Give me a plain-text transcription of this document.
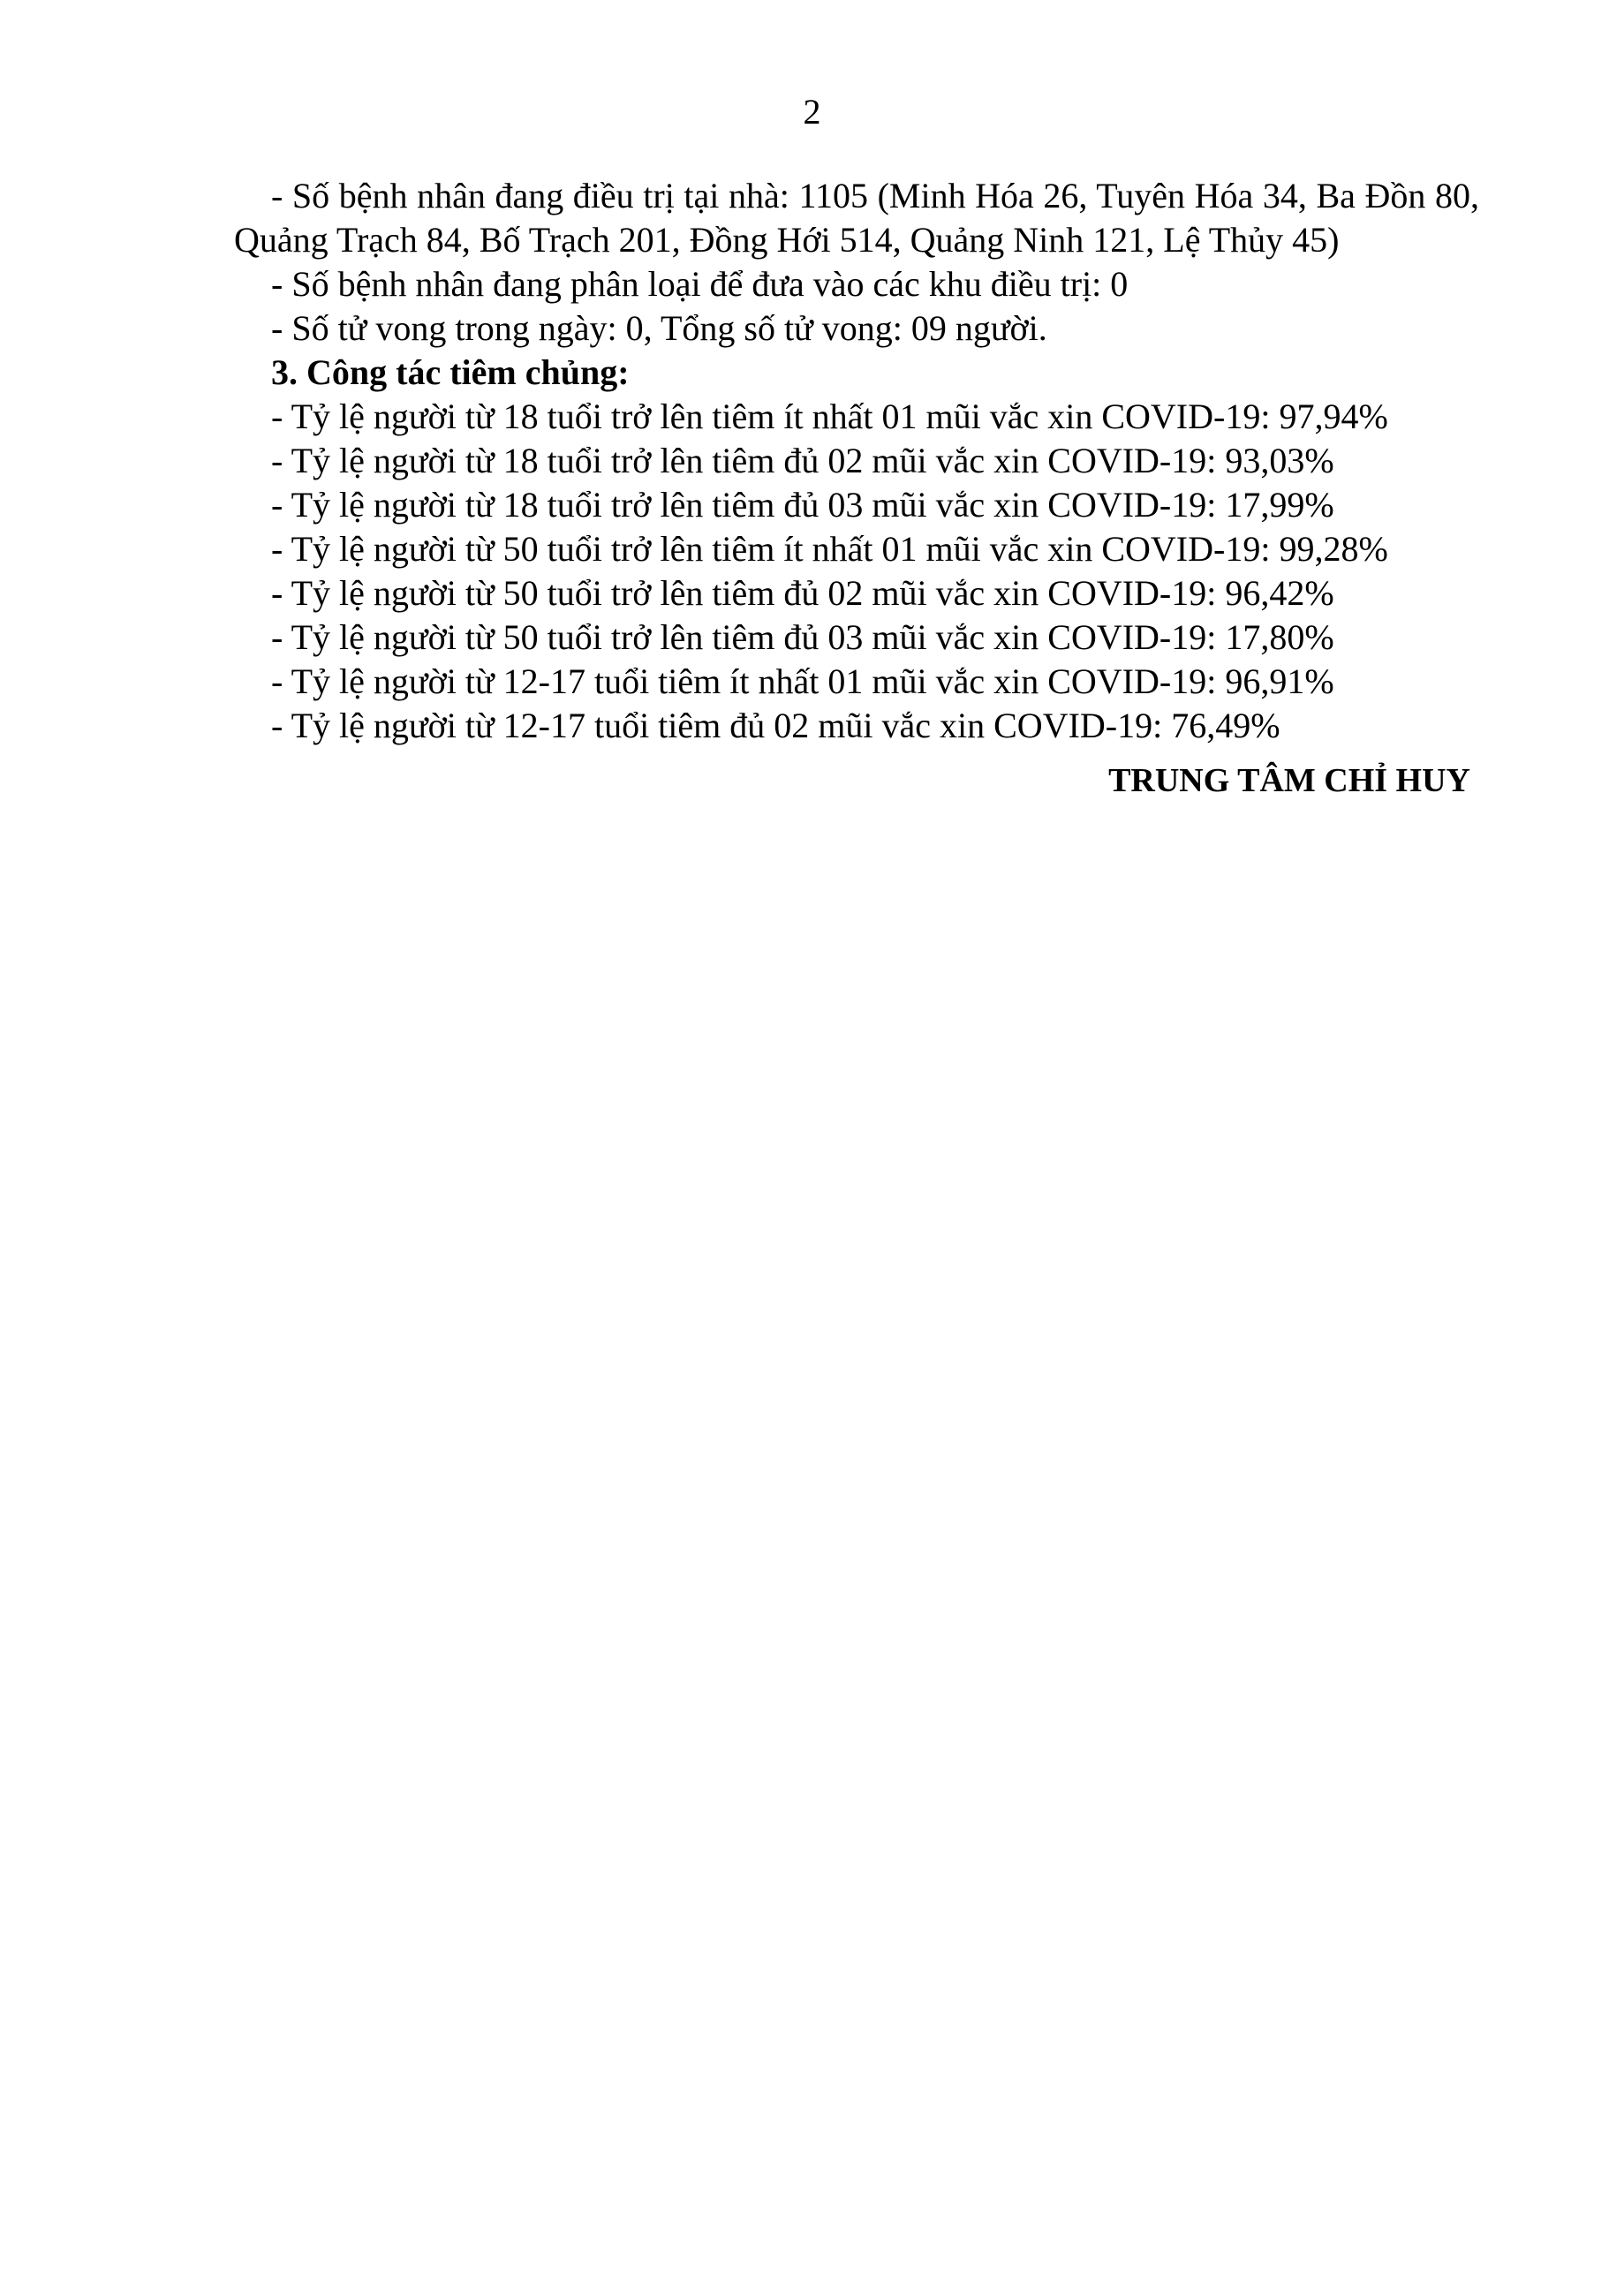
2

- Số bệnh nhân đang điều trị tại nhà: 1105 (Minh Hóa 26, Tuyên Hóa 34, Ba Đồn 80, Quảng Trạch 84, Bố Trạch 201, Đồng Hới 514, Quảng Ninh 121, Lệ Thủy 45)

- Số bệnh nhân đang phân loại để đưa vào các khu điều trị: 0

- Số tử vong trong ngày: 0, Tổng số tử vong: 09 người.

3. Công tác tiêm chủng:

- Tỷ lệ người từ 18 tuổi trở lên tiêm ít nhất 01 mũi vắc xin COVID-19: 97,94%

- Tỷ lệ người từ 18 tuổi trở lên tiêm đủ 02 mũi vắc xin COVID-19: 93,03%

- Tỷ lệ người từ 18 tuổi trở lên tiêm đủ 03 mũi vắc xin COVID-19: 17,99%

- Tỷ lệ người từ 50 tuổi trở lên tiêm ít nhất 01 mũi vắc xin COVID-19: 99,28%

- Tỷ lệ người từ 50 tuổi trở lên tiêm đủ 02 mũi vắc xin COVID-19: 96,42%

- Tỷ lệ người từ 50 tuổi trở lên tiêm đủ 03 mũi vắc xin COVID-19: 17,80%

- Tỷ lệ người từ 12-17 tuổi tiêm ít nhất 01 mũi vắc xin COVID-19: 96,91%

- Tỷ lệ người từ 12-17 tuổi tiêm đủ 02 mũi vắc xin COVID-19: 76,49%

TRUNG TÂM CHỈ HUY
